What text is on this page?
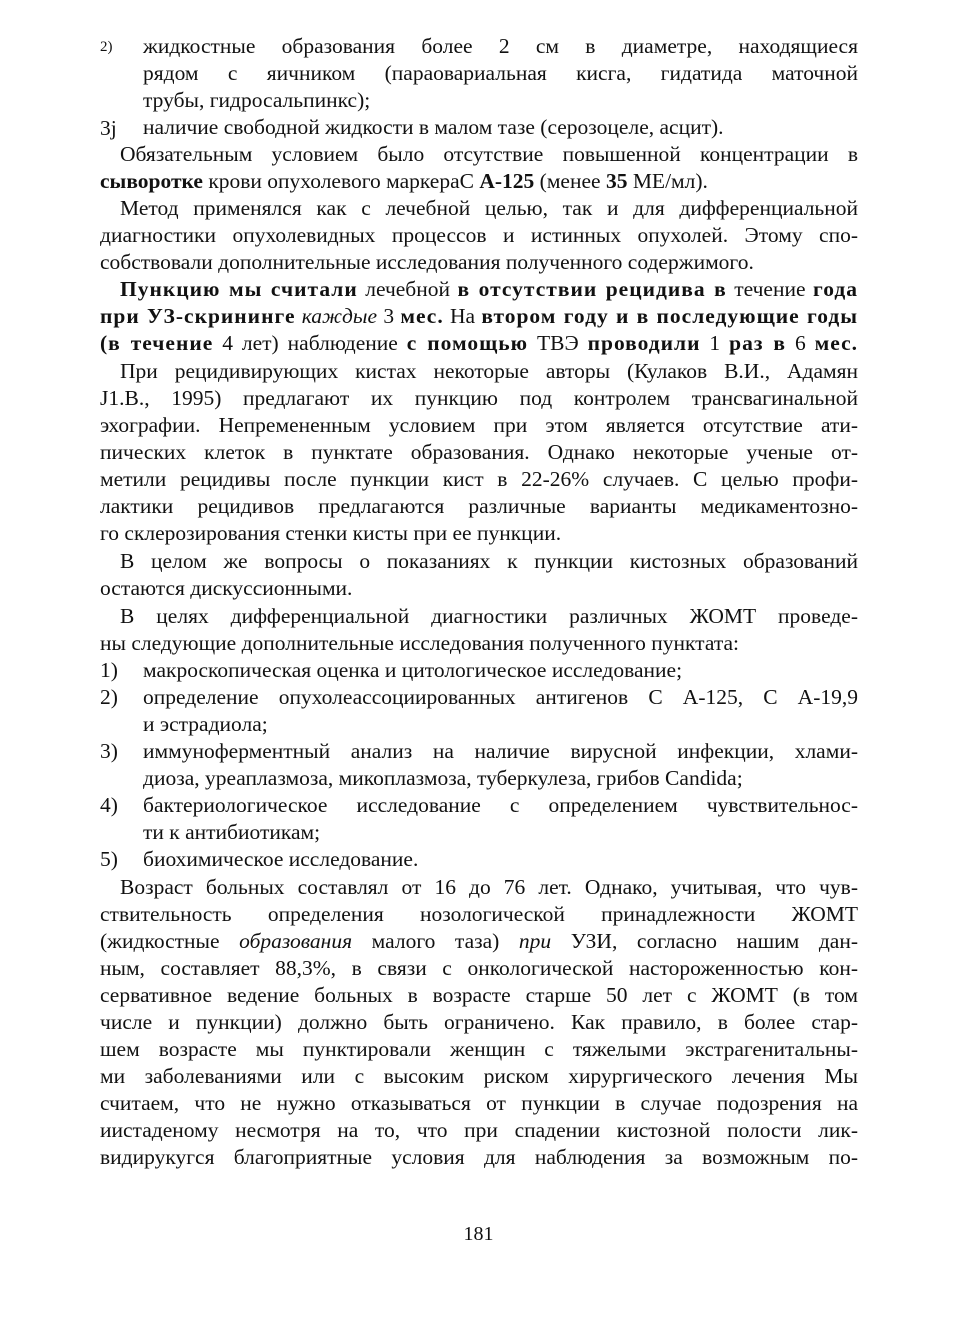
2) жидкостные образования более 2 см в диаметре, находящиеся
рядом с яичником (параовариальная кисга, гидатида маточной
трубы, гидросальпинкс);
3j наличие свободной жидкости в малом тазе (серозоцеле, асцит).
Обязательным условием было отсутствие повышенной концентрации в
сыворотке крови опухолевого маркераС А-125 (менее 35 МЕ/мл).
Метод применялся как с лечебной целью, так и для дифференциальной
диагностики опухолевидных процессов и истинных опухолей. Этому спо-
собствовали дополнительные исследования полученного содержимого.
Пункцию мы считали лечебной в отсутствии рецидива в течение года
при УЗ-скрининге каждые 3 мес. На втором году и в последующие годы
(в течение 4 лет) наблюдение с помощью ТВЭ проводили 1 раз в 6 мес.
При рецидивирующих кистах некоторые авторы (Кулаков В.И., Адамян
J1.B., 1995) предлагают их пункцию под контролем трансвагинальной
эхографии. Непремененным условием при этом является отсутствие ати-
пических клеток в пунктате образования. Однако некоторые ученые от-
метили рецидивы после пункции кист в 22-26% случаев. С целью профи-
лактики рецидивов предлагаются различные варианты медикаментозно-
го склерозирования стенки кисты при ее пункции.
В целом же вопросы о показаниях к пункции кистозных образований
остаются дискуссионными.
В целях дифференциальной диагностики различных ЖОМТ проведе-
ны следующие дополнительные исследования полученного пунктата:
1) макроскопическая оценка и цитологическое исследование;
2) определение опухолеассоциированных антигенов С А-125, С А-19,9
и эстрадиола;
3) иммуноферментный анализ на наличие вирусной инфекции, хлами-
диоза, уреаплазмоза, микоплазмоза, туберкулеза, грибов Candida;
4) бактериологическое исследование с определением чувствительнос-
ти к антибиотикам;
5) биохимическое исследование.
Возраст больных составлял от 16 до 76 лет. Однако, учитывая, что чув-
ствительность определения нозологической принадлежности ЖОМТ
(жидкостные образования малого таза) при УЗИ, согласно нашим дан-
ным, составляет 88,3%, в связи с онкологической настороженностью кон-
сервативное ведение больных в возрасте старше 50 лет с ЖОМТ (в том
числе и пункции) должно быть ограничено. Как правило, в более стар-
шем возрасте мы пунктировали женщин с тяжелыми экстрагенитальны-
ми заболеваниями или с высоким риском хирургического лечения Мы
считаем, что не нужно отказываться от пункции в случае подозрения на
иистаденому несмотря на то, что при спадении кистозной полости лик-
видирукугся благоприятные условия для наблюдения за возможным по-
181
